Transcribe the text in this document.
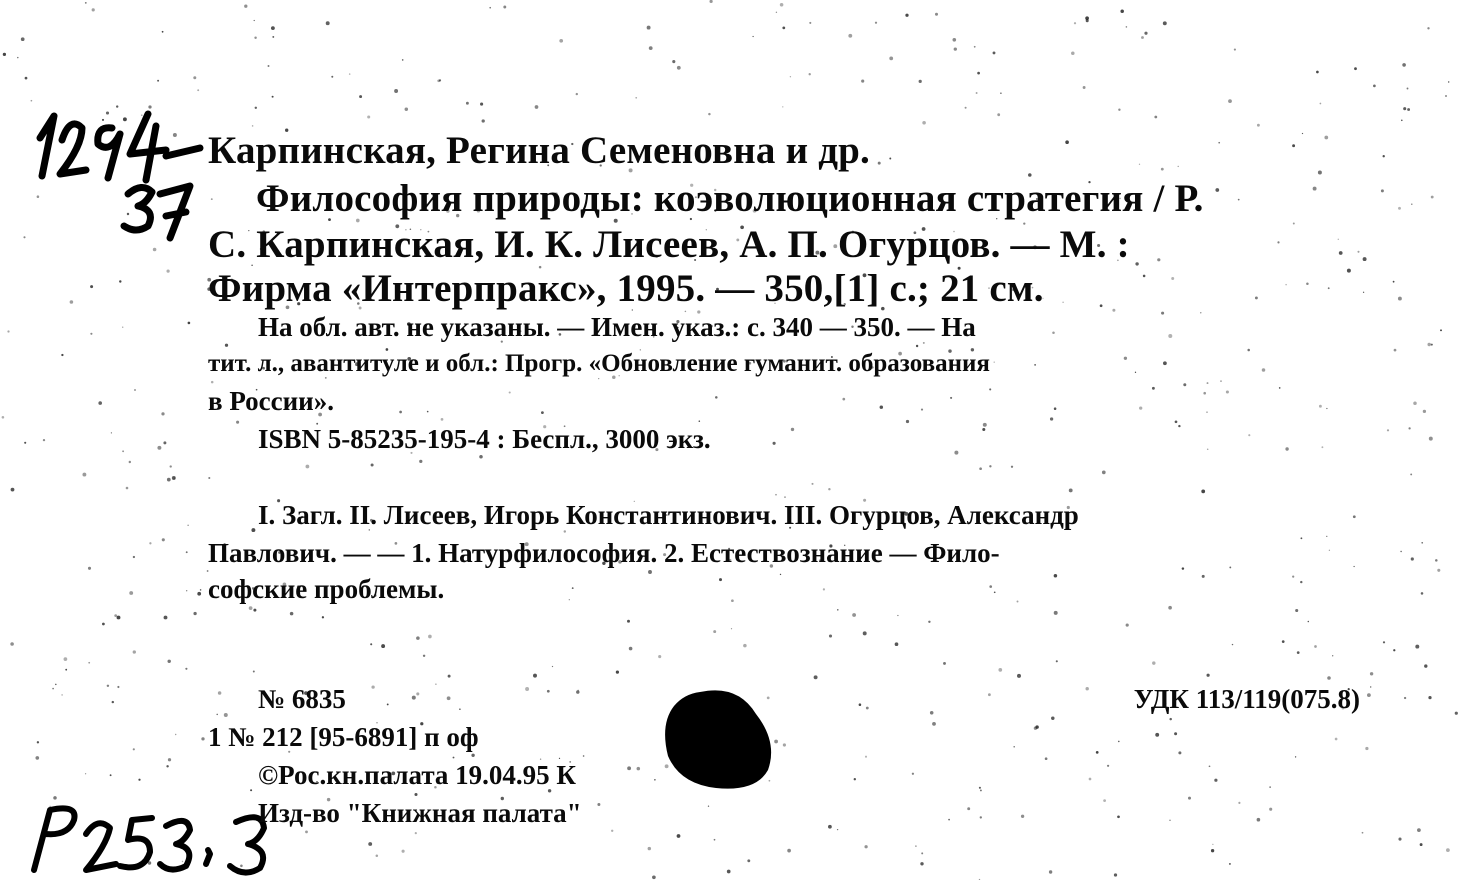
Карпинская, Регина Семеновна и др.
Философия природы: коэволюционная стратегия / Р.
С. Карпинская, И. К. Лисеев, А. П. Огурцов. — М. :
Фирма «Интерпракс», 1995. — 350,[1] с.; 21 см.
На обл. авт. не указаны. — Имен. указ.: с. 340 — 350. — На
тит. л., авантитуле и обл.: Прогр. «Обновление гуманит. образования
в России».
ISBN 5-85235-195-4 : Беспл., 3000 экз.
I. Загл. II. Лисеев, Игорь Константинович. III. Огурцов, Александр
Павлович. — — 1. Натурфилософия. 2. Естествознание — Фило-
софские проблемы.
№ 6835
1 № 212 [95-6891] п оф
©Рос.кн.палата 19.04.95 К
Изд-во "Книжная палата"
УДК 113/119(075.8)
